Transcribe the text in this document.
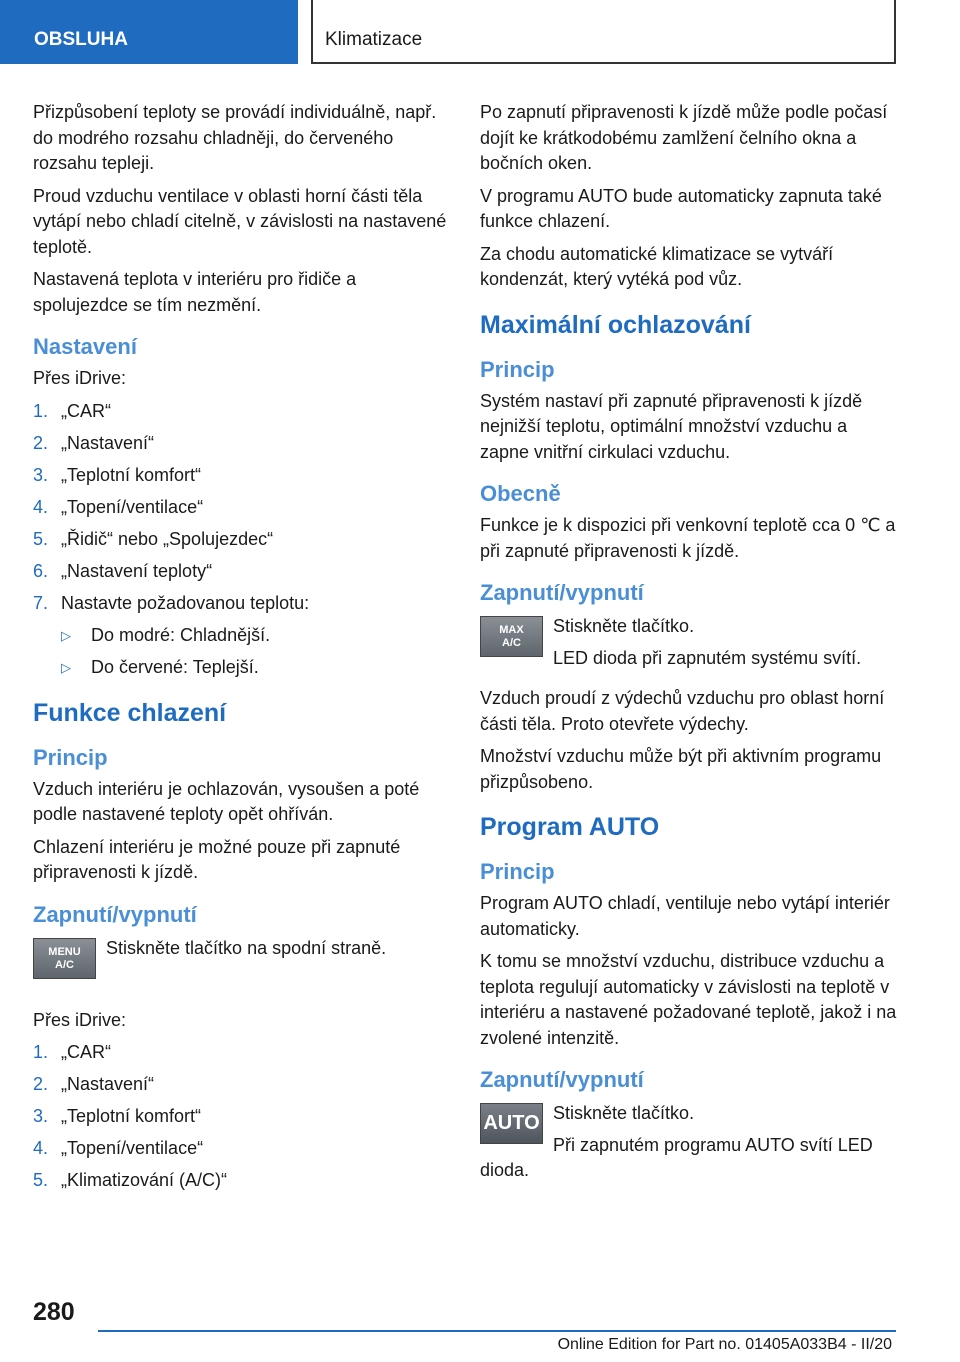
OBSLUHA	Klimatizace

Přizpůsobení teploty se provádí individuálně, např. do modrého rozsahu chladněji, do červeného rozsahu tepleji.

Proud vzduchu ventilace v oblasti horní části těla vytápí nebo chladí citelně, v závislosti na nastavené teplotě.

Nastavená teplota v interiéru pro řidiče a spolujezdce se tím nezmění.

Nastavení

Přes iDrive:

1. „CAR“
2. „Nastavení“
3. „Teplotní komfort“
4. „Topení/ventilace“
5. „Řidič“ nebo „Spolujezdec“
6. „Nastavení teploty“
7. Nastavte požadovanou teplotu:
▷ Do modré: Chladnější.
▷ Do červené: Teplejší.
Funkce chlazení
Princip

Vzduch interiéru je ochlazován, vysoušen a poté podle nastavené teploty opět ohříván.

Chlazení interiéru je možné pouze při zapnuté připravenosti k jízdě.

Zapnutí/vypnutí
MENU
A/C

Stiskněte tlačítko na spodní straně.

Přes iDrive:

1. „CAR“
2. „Nastavení“
3. „Teplotní komfort“
4. „Topení/ventilace“
5. „Klimatizování (A/C)“

Po zapnutí připravenosti k jízdě může podle počasí dojít ke krátkodobému zamlžení čelního okna a bočních oken.

V programu AUTO bude automaticky zapnuta také funkce chlazení.

Za chodu automatické klimatizace se vytváří kondenzát, který vytéká pod vůz.

Maximální ochlazování
Princip

Systém nastaví při zapnuté připravenosti k jízdě nejnižší teplotu, optimální množství vzduchu a zapne vnitřní cirkulaci vzduchu.

Obecně

Funkce je k dispozici při venkovní teplotě cca 0 ℃ a při zapnuté připravenosti k jízdě.

Zapnutí/vypnutí
MAX
A/C

Stiskněte tlačítko.

LED dioda při zapnutém systému svítí.

Vzduch proudí z výdechů vzduchu pro oblast horní části těla. Proto otevřete výdechy.

Množství vzduchu může být při aktivním programu přizpůsobeno.

Program AUTO
Princip

Program AUTO chladí, ventiluje nebo vytápí interiér automaticky.

K tomu se množství vzduchu, distribuce vzduchu a teplota regulují automaticky v závislosti na teplotě v interiéru a nastavené požadované teplotě, jakož i na zvolené intenzitě.

Zapnutí/vypnutí
AUTO Stiskněte tlačítko.

Při zapnutém programu AUTO svítí LED dioda.

280
Online Edition for Part no. 01405A033B4 - II/20
